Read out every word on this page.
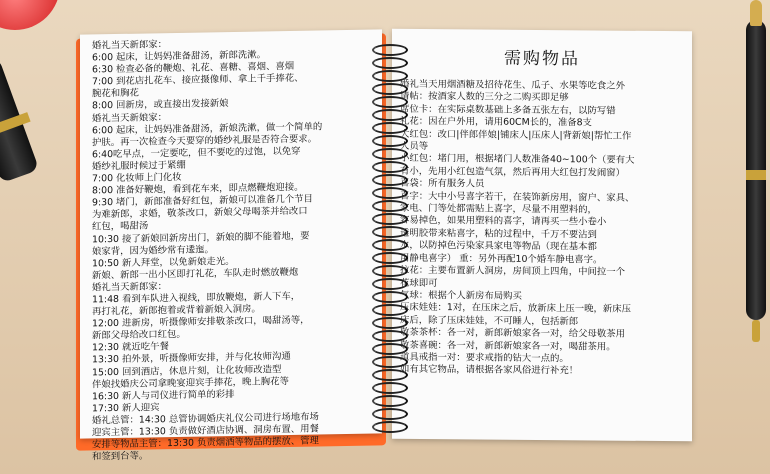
婚礼当天新郎家：
6:00 起床，让妈妈准备甜汤，新郎洗漱。
6:30 检查必备的鞭炮、礼花、喜糖、喜烟、喜烟
7:00 到花店扎花车、接应摄像师、拿上千手捧花、
腕花和胸花
8:00 回新房，或直接出发接新娘
婚礼当天新娘家：
6:00 起床，让妈妈准备甜汤，新娘洗漱，做一个简单的
护肤。再一次检查今天要穿的婚纱礼服是否符合要求。
6:40吃早点，一定要吃，但不要吃的过饱，以免穿
婚纱礼服时候过于紧绷
7:00 化妆师上门化妆
8:00 准备好鞭炮，看到花车来，即点燃鞭炮迎接。
9:30 堵门，新郎准备好红包，新娘可以准备几个节目
为难新郎，求婚，敬茶改口，新娘父母喝茶并给改口
红包，喝甜汤
10:30 接了新娘回新房出门，新娘的脚不能着地，要
娘家背，因为婚纱常有逶迤。
10:50 新人拜堂，以免新娘走光。
新娘、新郎一出小区即打礼花，车队走时燃放鞭炮
婚礼当天新郎家：
11:48 看到车队进入视线，即放鞭炮，新人下车，
再打礼花，新郎抱着或背着新娘入洞房。
12:00 进新房，听摄像师安排敬茶改口，喝甜汤等，
新郎父母给改口红包。
12:30 就近吃午餐
13:30 拍外景，听摄像师安排，并与化妆师沟通
15:00 回到酒店，休息片刻，让化妆师改造型
伴娘找婚庆公司拿晚宴迎宾手捧花，晚上胸花等
16:30 新人与司仪进行简单的彩排
17:30 新人迎宾
婚礼总管：14:30 总管协调婚庆礼仪公司进行场地布场
迎宾主管：13:30 负责做好酒店协调、洞房布置、用餐
安排等物品主管：13:30 负责烟酒等物品的摆放、管理
和签到台等。
需购物品
婚礼当天用烟酒糖及招待花生、瓜子、水果等吃食之外
请帖：按酒家人数的三分之二购买即足够
席位卡：在实际桌数基础上多备五张左右，以防写错
礼花：因在户外用，请用60CM长的，准备8支
大红包：改口|伴郎伴娘|铺床人|压床人|背新娘|帮忙工作
人员等
小红包：堵门用，根据堵门人数准备40~100个（要有大
有小，先用小红包造气氛，然后再用大红包打发闹窗）
喜袋：所有服务人员
喜字：大中小号喜字若干，在装饰新房用，窗户、家具、
家电、门等处都需贴上喜字，尽量不用塑料的，
容易掉色，如果用塑料的喜字，请再买一些小卷小
透明胶带来粘喜字，粘的过程中，千万不要沾到
水，以防掉色污染家具家电等物品（现在基本都
用静电喜字） 重：另外再配10个婚车静电喜字。
拉花：主要布置新人洞房，房间顶上四角，中间拉一个
花球即可
气球：根据个人新房布局购买
压床娃娃：1对，在压床之后，放新床上压一晚，新床压
床后，除了压床娃娃，不可睡人，包括新郎
敬茶茶杯：各一对，新郎新娘家各一对，给父母敬茶用
敬茶喜碗：各一对，新郎新娘家各一对，喝甜茶用。
道具戒指一对：要求戒指的钻大一点的。
如有其它物品，请根据各家风俗进行补充！
